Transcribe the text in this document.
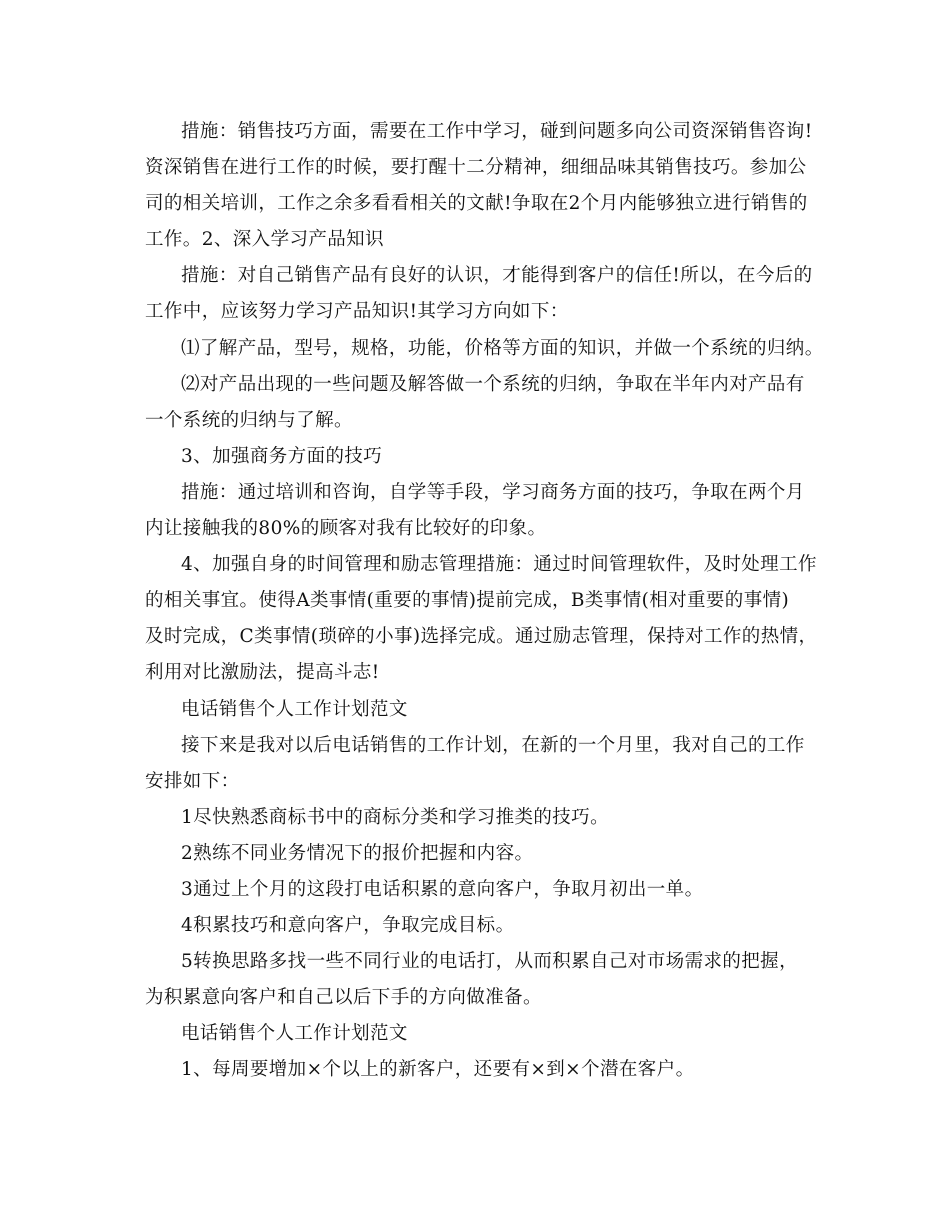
措施：销售技巧方面，需要在工作中学习，碰到问题多向公司资深销售咨询!
资深销售在进行工作的时候，要打醒十二分精神，细细品味其销售技巧。参加公
司的相关培训，工作之余多看看相关的文献!争取在2个月内能够独立进行销售的
工作。2、深入学习产品知识
措施：对自己销售产品有良好的认识，才能得到客户的信任!所以，在今后的
工作中，应该努力学习产品知识!其学习方向如下：
⑴了解产品，型号，规格，功能，价格等方面的知识，并做一个系统的归纳。
⑵对产品出现的一些问题及解答做一个系统的归纳，争取在半年内对产品有
一个系统的归纳与了解。
3、加强商务方面的技巧
措施：通过培训和咨询，自学等手段，学习商务方面的技巧，争取在两个月
内让接触我的80%的顾客对我有比较好的印象。
4、加强自身的时间管理和励志管理措施：通过时间管理软件，及时处理工作
的相关事宜。使得A类事情(重要的事情)提前完成，B类事情(相对重要的事情)
及时完成，C类事情(琐碎的小事)选择完成。通过励志管理，保持对工作的热情，
利用对比激励法，提高斗志!
电话销售个人工作计划范文
接下来是我对以后电话销售的工作计划，在新的一个月里，我对自己的工作
安排如下：
1尽快熟悉商标书中的商标分类和学习推类的技巧。
2熟练不同业务情况下的报价把握和内容。
3通过上个月的这段打电话积累的意向客户，争取月初出一单。
4积累技巧和意向客户，争取完成目标。
5转换思路多找一些不同行业的电话打，从而积累自己对市场需求的把握，
为积累意向客户和自己以后下手的方向做准备。
电话销售个人工作计划范文
1、每周要增加×个以上的新客户，还要有×到×个潜在客户。
